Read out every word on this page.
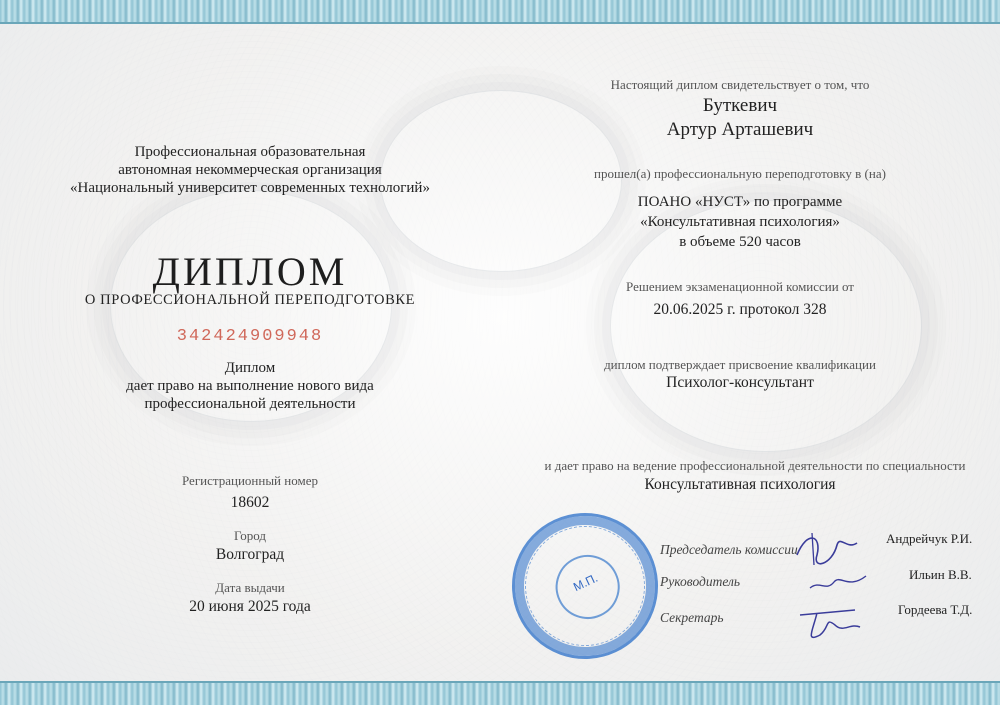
Профессиональная образовательная
автономная некоммерческая организация
«Национальный университет современных технологий»
ДИПЛОМ
О ПРОФЕССИОНАЛЬНОЙ ПЕРЕПОДГОТОВКЕ
342424909948
Диплом
дает право на выполнение нового вида
профессиональной деятельности
Регистрационный номер
18602
Город
Волгоград
Дата выдачи
20 июня 2025 года
Настоящий диплом свидетельствует о том, что
Буткевич
Артур Арташевич
прошел(а) профессиональную переподготовку в (на)
ПОАНО «НУСТ» по программе
«Консультативная психология»
в объеме 520 часов
Решением экзаменационной комиссии от
20.06.2025 г. протокол 328
диплом подтверждает присвоение квалификации
Психолог-консультант
и дает право на ведение профессиональной деятельности по специальности
Консультативная психология
Председатель комиссии
Андрейчук Р.И.
Руководитель	Ильин В.В.
Секретарь
Гордеева Т.Д.
М.П.
